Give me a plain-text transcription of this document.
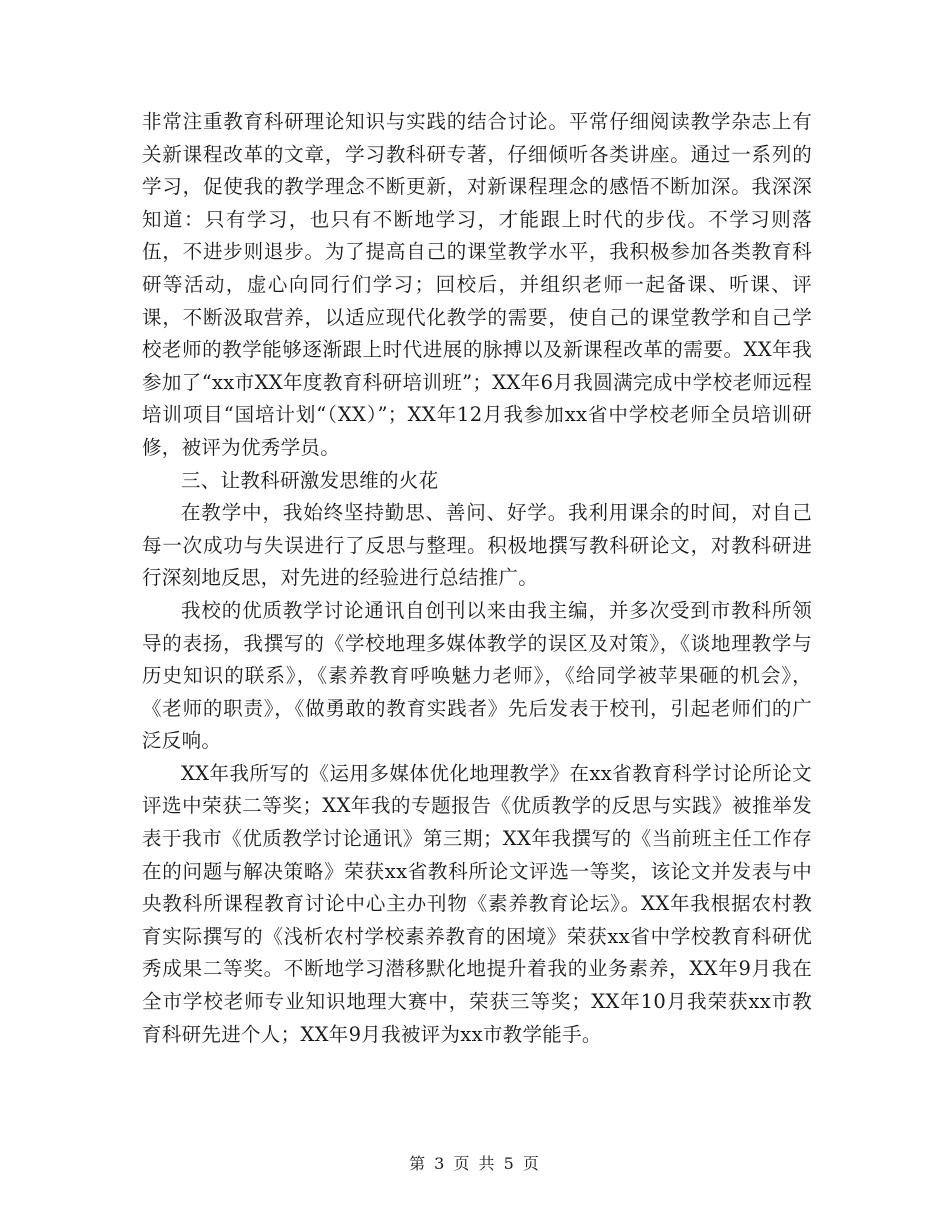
非常注重教育科研理论知识与实践的结合讨论。平常仔细阅读教学杂志上有关新课程改革的文章，学习教科研专著，仔细倾听各类讲座。通过一系列的学习，促使我的教学理念不断更新，对新课程理念的感悟不断加深。我深深知道：只有学习，也只有不断地学习，才能跟上时代的步伐。不学习则落伍，不进步则退步。为了提高自己的课堂教学水平，我积极参加各类教育科研等活动，虚心向同行们学习；回校后，并组织老师一起备课、听课、评课，不断汲取营养，以适应现代化教学的需要，使自己的课堂教学和自己学校老师的教学能够逐渐跟上时代进展的脉搏以及新课程改革的需要。XX年我参加了“xx市XX年度教育科研培训班”；XX年6月我圆满完成中学校老师远程培训项目“国培计划“（XX）”；XX年12月我参加xx省中学校老师全员培训研修，被评为优秀学员。

三、让教科研激发思维的火花

在教学中，我始终坚持勤思、善问、好学。我利用课余的时间，对自己每一次成功与失误进行了反思与整理。积极地撰写教科研论文，对教科研进行深刻地反思，对先进的经验进行总结推广。

我校的优质教学讨论通讯自创刊以来由我主编，并多次受到市教科所领导的表扬，我撰写的《学校地理多媒体教学的误区及对策》，《谈地理教学与历史知识的联系》，《素养教育呼唤魅力老师》，《给同学被苹果砸的机会》，《老师的职责》，《做勇敢的教育实践者》先后发表于校刊，引起老师们的广泛反响。

XX年我所写的《运用多媒体优化地理教学》在xx省教育科学讨论所论文评选中荣获二等奖；XX年我的专题报告《优质教学的反思与实践》被推举发表于我市《优质教学讨论通讯》第三期；XX年我撰写的《当前班主任工作存在的问题与解决策略》荣获xx省教科所论文评选一等奖，该论文并发表与中央教科所课程教育讨论中心主办刊物《素养教育论坛》。XX年我根据农村教育实际撰写的《浅析农村学校素养教育的困境》荣获xx省中学校教育科研优秀成果二等奖。不断地学习潜移默化地提升着我的业务素养，XX年9月我在全市学校老师专业知识地理大赛中，荣获三等奖；XX年10月我荣获xx市教育科研先进个人；XX年9月我被评为xx市教学能手。

第 3 页 共 5 页
